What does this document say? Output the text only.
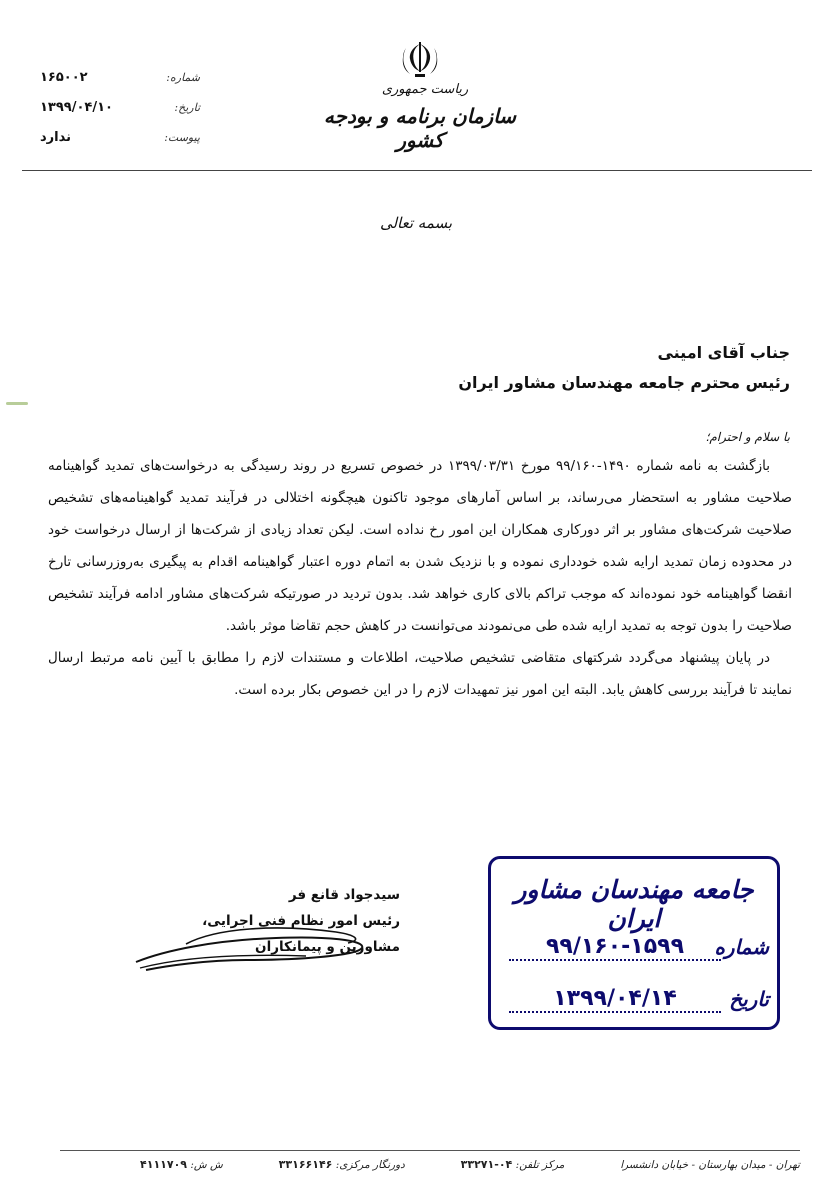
ریاست جمهوری
سازمان برنامه و بودجه کشور
شماره:
۱۶۵۰۰۲
تاریخ:
۱۳۹۹/۰۴/۱۰
پیوست:
ندارد
بسمه تعالی
جناب آقای امینی
رئیس محترم جامعه مهندسان مشاور ایران
با سلام و احترام؛

بازگشت به نامه شماره ۱۴۹۰-۹۹/۱۶۰ مورخ ۱۳۹۹/۰۳/۳۱ در خصوص تسریع در روند رسیدگی به درخواست‌های تمدید گواهینامه صلاحیت مشاور به استحضار می‌رساند، بر اساس آمارهای موجود تاکنون هیچگونه اختلالی در فرآیند تمدید گواهینامه‌های تشخیص صلاحیت شرکت‌های مشاور بر اثر دورکاری همکاران این امور رخ نداده است. لیکن تعداد زیادی از شرکت‌ها از ارسال درخواست خود در محدوده زمان تمدید ارایه شده خودداری نموده و با نزدیک شدن به اتمام دوره اعتبار گواهینامه اقدام به پیگیری به‌روزرسانی تارخ انقضا گواهینامه خود نموده‌اند که موجب تراکم بالای کاری خواهد شد. بدون تردید در صورتیکه شرکت‌های مشاور ادامه فرآیند تشخیص صلاحیت را بدون توجه به تمدید ارایه شده طی می‌نمودند می‌توانست در کاهش حجم تقاضا موثر باشد.

در پایان پیشنهاد می‌گردد شرکتهای متقاضی تشخیص صلاحیت، اطلاعات و مستندات لازم را مطابق با آیین نامه مرتبط ارسال نمایند تا فرآیند بررسی کاهش یابد. البته این امور نیز تمهیدات لازم را در این خصوص بکار برده است.

سیدجواد قانع فر
رئیس امور نظام فنی اجرایی،
مشاورین و پیمانکاران
جامعه مهندسان مشاور ایران
شماره
۹۹/۱۶۰-۱۵۹۹
تاریخ
۱۳۹۹/۰۴/۱۴
تهران - میدان بهارستان - خیابان دانشسرا
مرکز تلفن: ۰۴-۳۳۲۷۱
دورنگار مرکزی: ۳۳۱۶۶۱۴۶
ش ش: ۴۱۱۱۷۰۹
